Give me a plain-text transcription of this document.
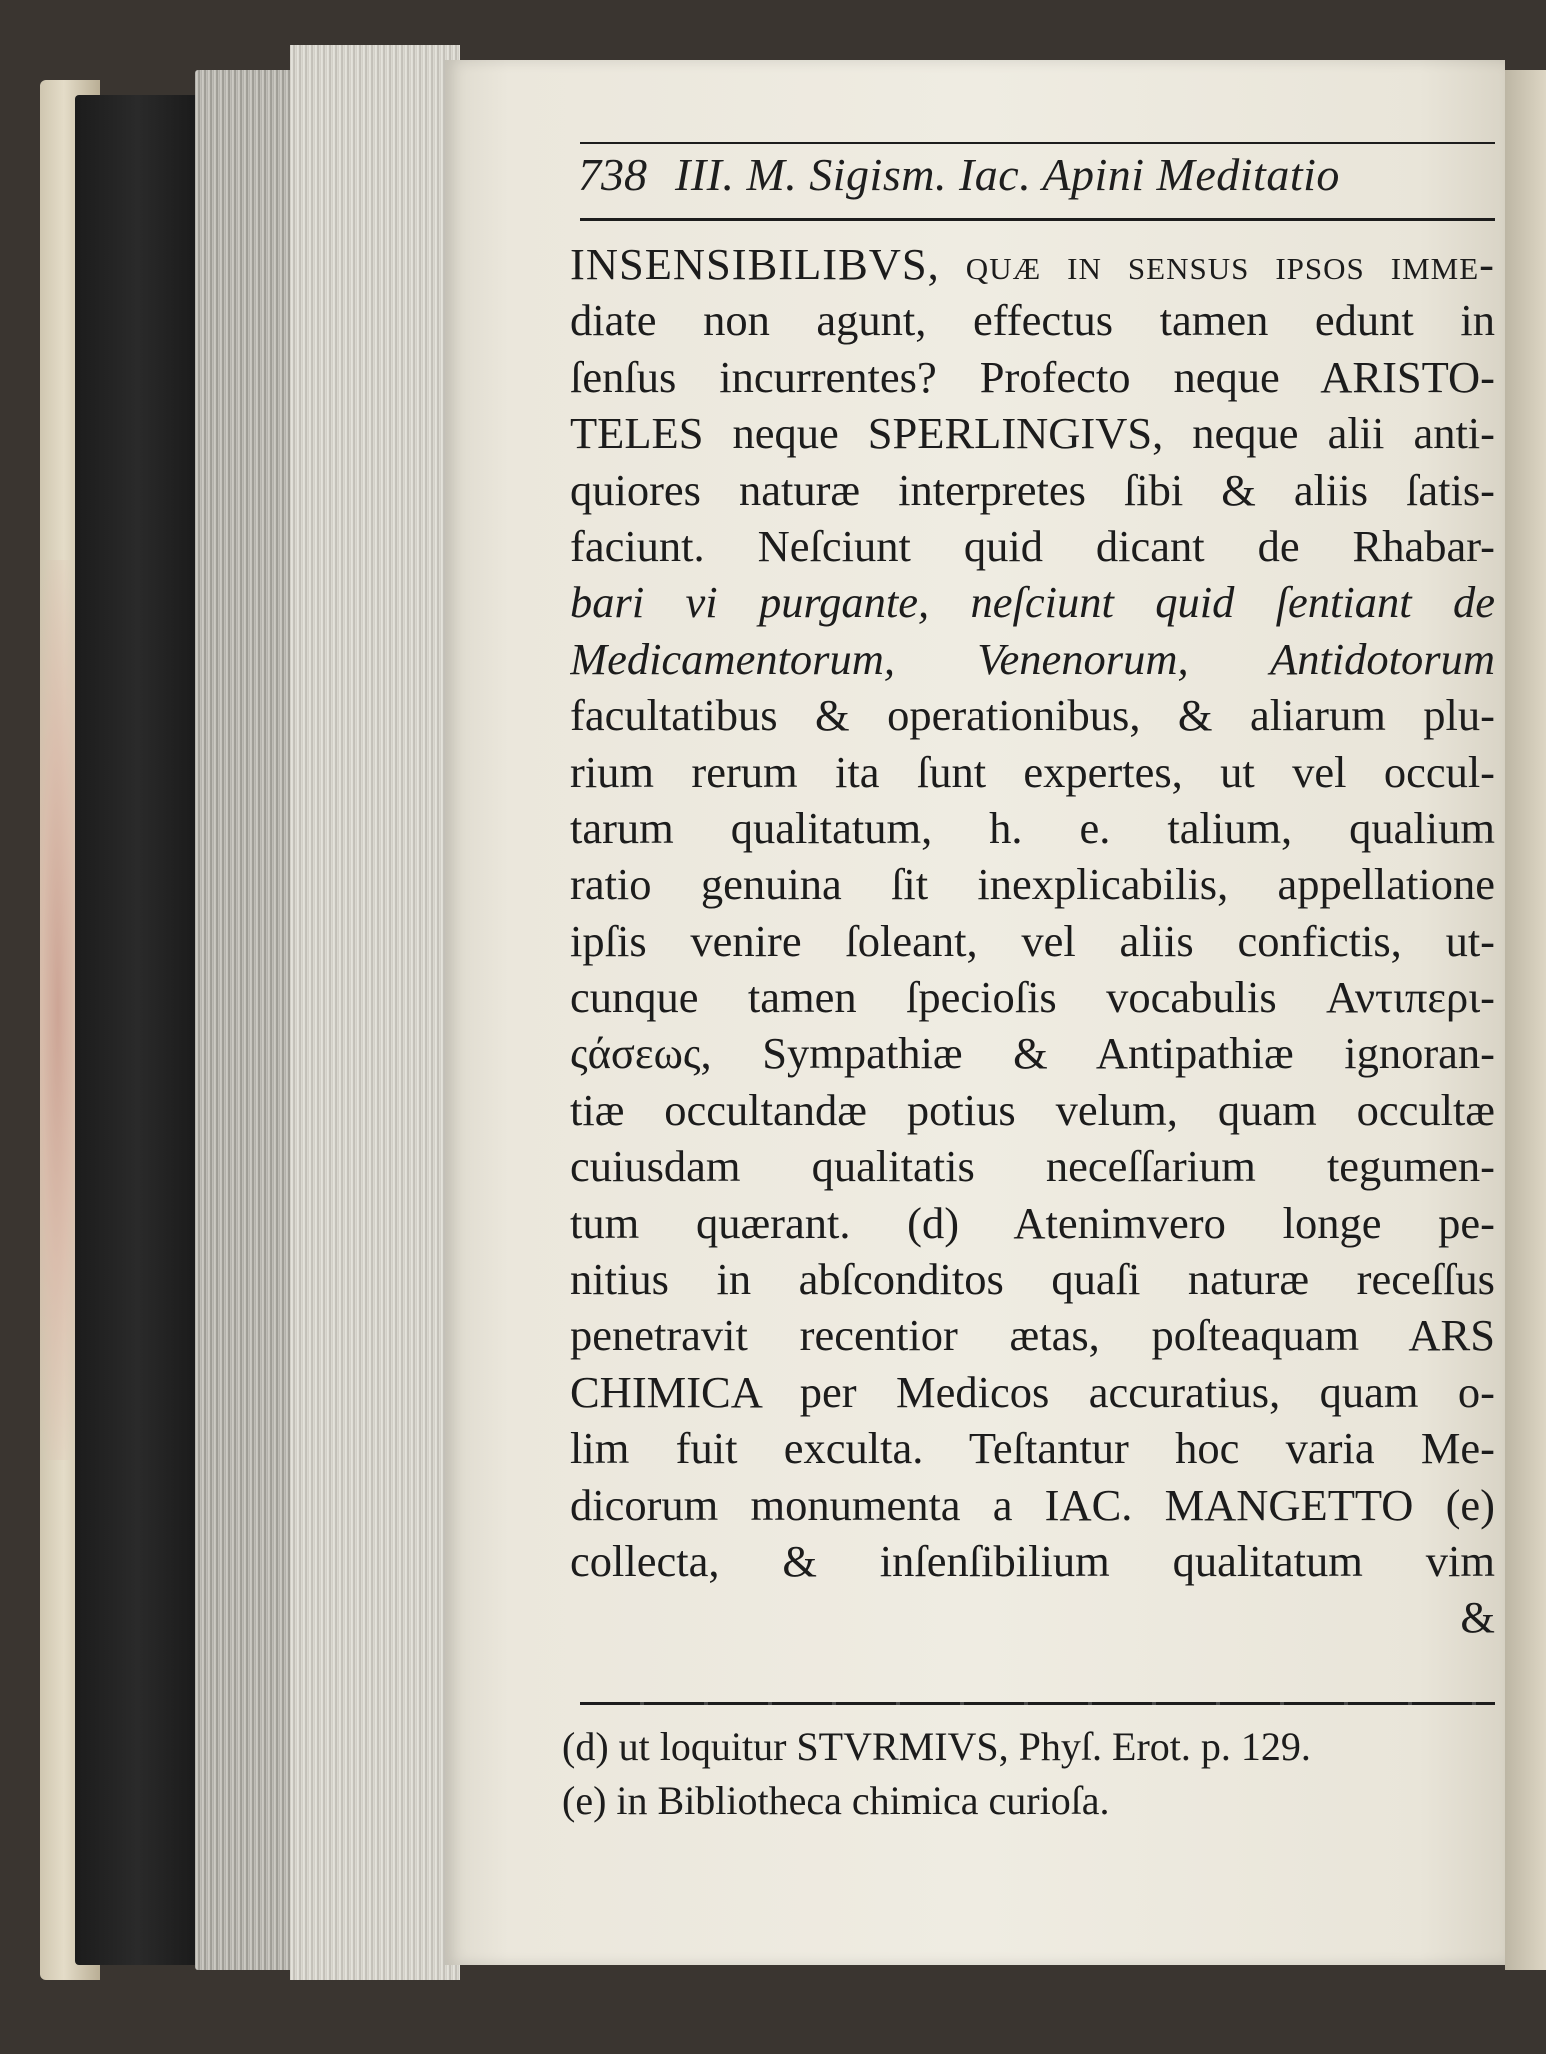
738 III. M. Sigism. Iac. Apini Meditatio
INSENSIBILIBVS, quæ in ſenſus ipſos imme-
diate non agunt, effectus tamen edunt in
ſenſus incurrentes? Profecto neque ARISTO-
TELES neque SPERLINGIVS, neque alii anti-
quiores naturæ interpretes ſibi & aliis ſatis-
faciunt. Neſciunt quid dicant de Rhabar-
bari vi purgante, neſciunt quid ſentiant de
Medicamentorum, Venenorum, Antidotorum
facultatibus & operationibus, & aliarum plu-
rium rerum ita ſunt expertes, ut vel occul-
tarum qualitatum, h. e. talium, qualium
ratio genuina ſit inexplicabilis, appellatione
ipſis venire ſoleant, vel aliis confictis, ut-
cunque tamen ſpecioſis vocabulis Αντιπερι-
ςάσεως, Sympathiæ & Antipathiæ ignoran-
tiæ occultandæ potius velum, quam occultæ
cuiusdam qualitatis neceſſarium tegumen-
tum quærant. (d) Atenimvero longe pe-
nitius in abſconditos quaſi naturæ receſſus
penetravit recentior ætas, poſteaquam ARS
CHIMICA per Medicos accuratius, quam o-
lim fuit exculta. Teſtantur hoc varia Me-
dicorum monumenta a IAC. MANGETTO (e)
collecta, & inſenſibilium qualitatum vim
&
(d) ut loquitur STVRMIVS, Phyſ. Erot. p. 129.
(e) in Bibliotheca chimica curioſa.
